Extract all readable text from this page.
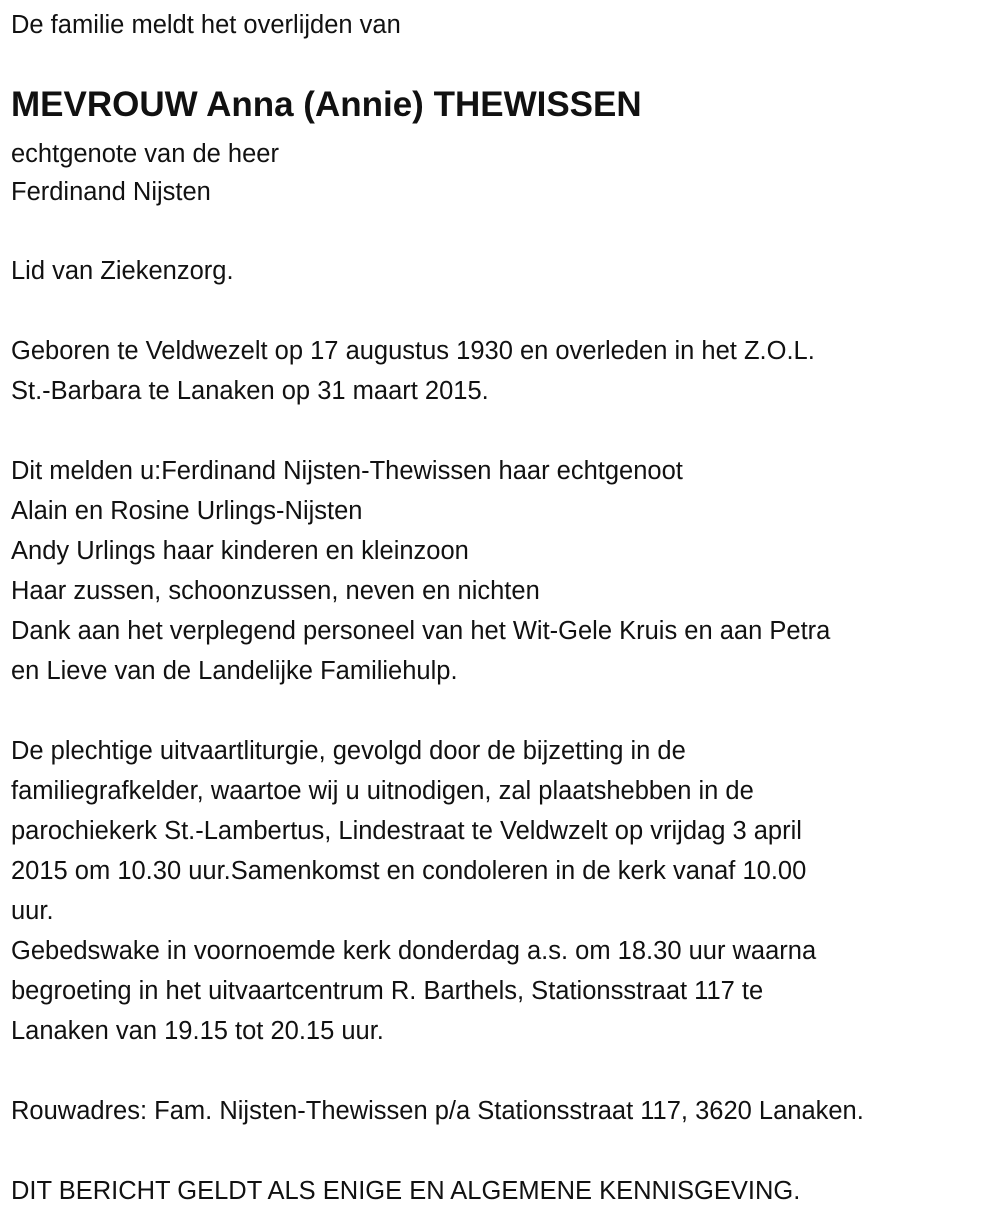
De familie meldt het overlijden van
MEVROUW Anna (Annie) THEWISSEN
echtgenote van de heer
Ferdinand Nijsten
Lid van Ziekenzorg.
Geboren te Veldwezelt op 17 augustus 1930 en overleden in het Z.O.L.
St.-Barbara te Lanaken op 31 maart 2015.
Dit melden u:Ferdinand Nijsten-Thewissen haar echtgenoot
Alain en Rosine Urlings-Nijsten
Andy Urlings haar kinderen en kleinzoon
Haar zussen, schoonzussen, neven en nichten
Dank aan het verplegend personeel van het Wit-Gele Kruis en aan Petra
en Lieve van de Landelijke Familiehulp.
De plechtige uitvaartliturgie, gevolgd door de bijzetting in de
familiegrafkelder, waartoe wij u uitnodigen, zal plaatshebben in de
parochiekerk St.-Lambertus, Lindestraat te Veldwzelt op vrijdag 3 april
2015 om 10.30 uur.Samenkomst en condoleren in de kerk vanaf 10.00
uur.
Gebedswake in voornoemde kerk donderdag a.s. om 18.30 uur waarna
begroeting in het uitvaartcentrum R. Barthels, Stationsstraat 117 te
Lanaken van 19.15 tot 20.15 uur.
Rouwadres: Fam. Nijsten-Thewissen p/a Stationsstraat 117, 3620 Lanaken.
DIT BERICHT GELDT ALS ENIGE EN ALGEMENE KENNISGEVING.
